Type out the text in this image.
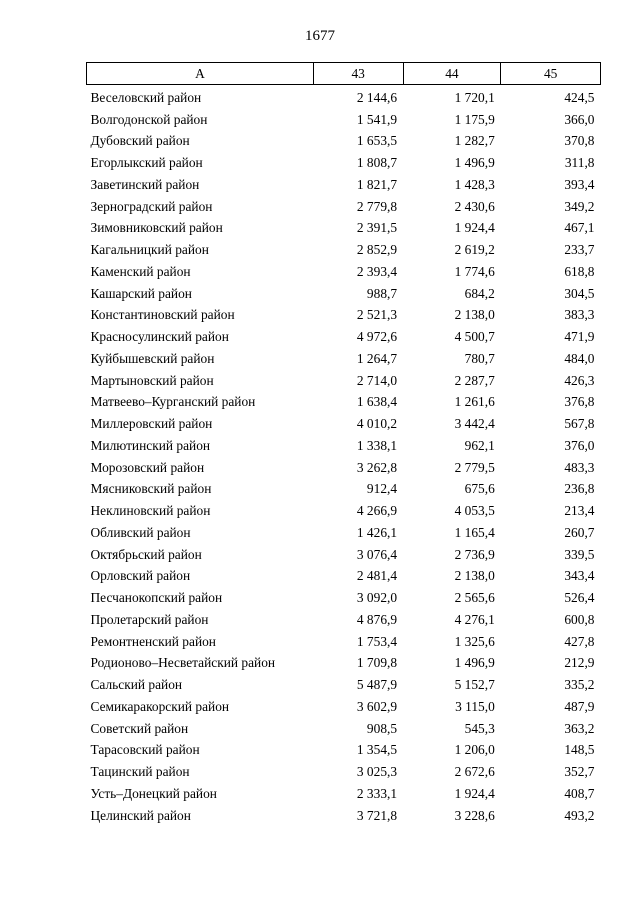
1677
А	43	44	45
Веселовский район	2 144,6	1 720,1	424,5
Волгодонской район	1 541,9	1 175,9	366,0
Дубовский район	1 653,5	1 282,7	370,8
Егорлыкский район	1 808,7	1 496,9	311,8
Заветинский район	1 821,7	1 428,3	393,4
Зерноградский район	2 779,8	2 430,6	349,2
Зимовниковский район	2 391,5	1 924,4	467,1
Кагальницкий район	2 852,9	2 619,2	233,7
Каменский район	2 393,4	1 774,6	618,8
Кашарский район	988,7	684,2	304,5
Константиновский район	2 521,3	2 138,0	383,3
Красносулинский район	4 972,6	4 500,7	471,9
Куйбышевский район	1 264,7	780,7	484,0
Мартыновский район	2 714,0	2 287,7	426,3
Матвеево–Курганский район	1 638,4	1 261,6	376,8
Миллеровский район	4 010,2	3 442,4	567,8
Милютинский район	1 338,1	962,1	376,0
Морозовский район	3 262,8	2 779,5	483,3
Мясниковский район	912,4	675,6	236,8
Неклиновский район	4 266,9	4 053,5	213,4
Обливский район	1 426,1	1 165,4	260,7
Октябрьский район	3 076,4	2 736,9	339,5
Орловский район	2 481,4	2 138,0	343,4
Песчанокопский район	3 092,0	2 565,6	526,4
Пролетарский район	4 876,9	4 276,1	600,8
Ремонтненский район	1 753,4	1 325,6	427,8
Родионово–Несветайский район	1 709,8	1 496,9	212,9
Сальский район	5 487,9	5 152,7	335,2
Семикаракорский район	3 602,9	3 115,0	487,9
Советский район	908,5	545,3	363,2
Тарасовский район	1 354,5	1 206,0	148,5
Тацинский район	3 025,3	2 672,6	352,7
Усть–Донецкий район	2 333,1	1 924,4	408,7
Целинский район	3 721,8	3 228,6	493,2
